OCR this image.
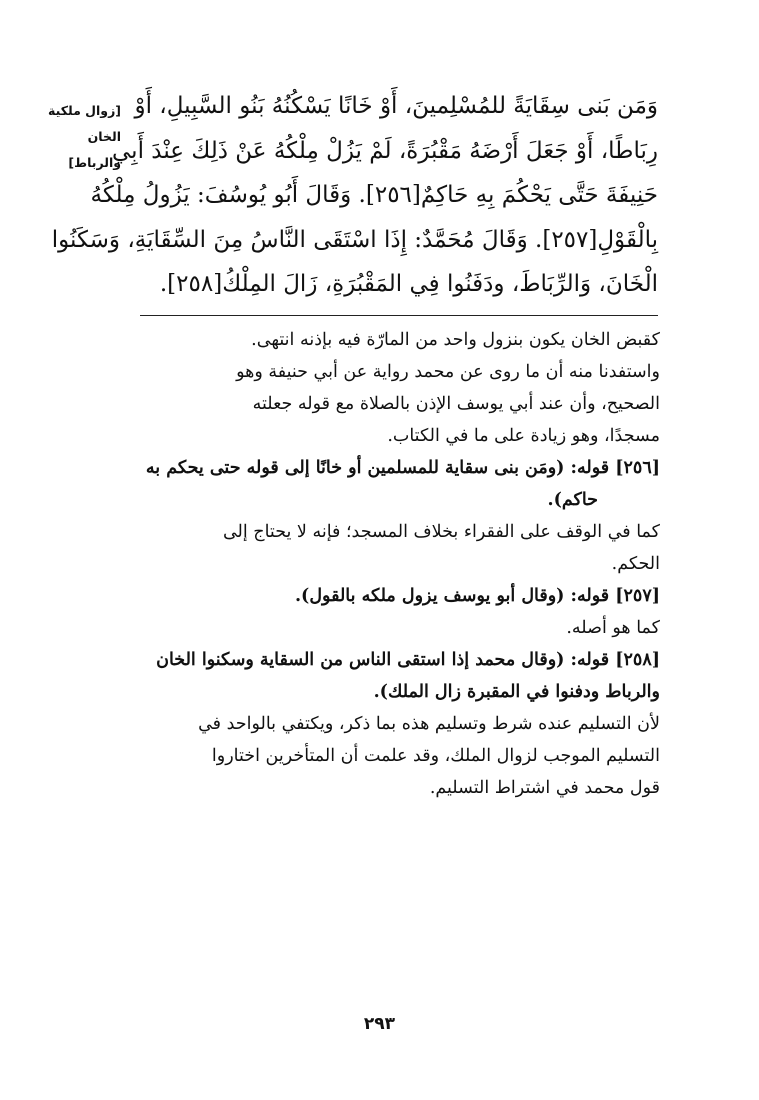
[زوال ملكية
الخان والرباط]

وَمَن بَنى سِقَايَةً للمُسْلِمينَ، أَوْ خَانًا يَسْكُنُهُ بَنُو السَّبِيلِ، أَوْ

رِبَاطًا، أَوْ جَعَلَ أَرْضَهُ مَقْبُرَةً، لَمْ يَزُلْ مِلْكُهُ عَنْ ذَلِكَ عِنْدَ أَبِي

حَنِيفَةَ حَتَّى يَحْكُمَ بِهِ حَاكِمٌ[٢٥٦]. وَقَالَ أَبُو يُوسُفَ: يَزُولُ مِلْكُهُ

بِالْقَوْلِ[٢٥٧]. وَقَالَ مُحَمَّدٌ: إِذَا اسْتَقَى النَّاسُ مِنَ السِّقَايَةِ، وَسَكَنُوا

الْخَانَ، وَالرِّبَاطَ، ودَفَنُوا فِي المَقْبُرَةِ، زَالَ المِلْكُ[٢٥٨].

كقبض الخان يكون بنزول واحد من المارّة فيه بإذنه انتهى.

واستفدنا منه أن ما روى عن محمد رواية عن أبي حنيفة وهو

الصحيح، وأن عند أبي يوسف الإذن بالصلاة مع قوله جعلته

مسجدًا، وهو زيادة على ما في الكتاب.

[٢٥٦] قوله: (ومَن بنى سقاية للمسلمين أو خانًا إلى قوله حتى يحكم به

حاكم).

كما في الوقف على الفقراء بخلاف المسجد؛ فإنه لا يحتاج إلى

الحكم.

[٢٥٧] قوله: (وقال أبو يوسف يزول ملكه بالقول).

كما هو أصله.

[٢٥٨] قوله: (وقال محمد إذا استقى الناس من السقاية وسكنوا الخان

والرباط ودفنوا في المقبرة زال الملك).

لأن التسليم عنده شرط وتسليم هذه بما ذكر، ويكتفي بالواحد في

التسليم الموجب لزوال الملك، وقد علمت أن المتأخرين اختاروا

قول محمد في اشتراط التسليم.

٢٩٣
